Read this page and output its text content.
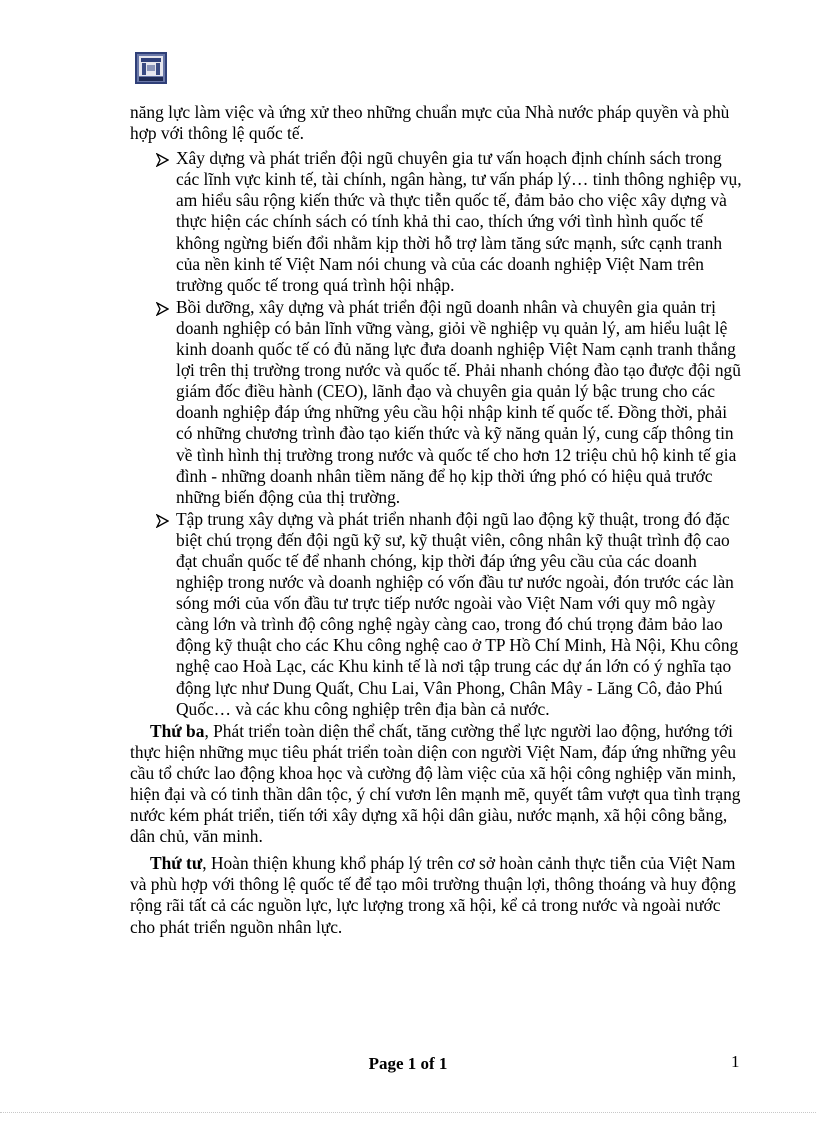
năng lực làm việc và ứng xử theo những chuẩn mực của Nhà nước pháp quyền và phù hợp với thông lệ quốc tế.

Xây dựng và phát triển đội ngũ chuyên gia tư vấn hoạch định chính sách trong các lĩnh vực kinh tế, tài chính, ngân hàng, tư vấn pháp lý… tinh thông nghiệp vụ, am hiểu sâu rộng kiến thức và thực tiễn quốc tế, đảm bảo cho việc xây dựng và thực hiện các chính sách có tính khả thi cao, thích ứng với tình hình quốc tế không ngừng biến đổi nhằm kịp thời hỗ trợ làm tăng sức mạnh, sức cạnh tranh của nền kinh tế Việt Nam nói chung và của các doanh nghiệp Việt Nam trên trường quốc tế trong quá trình hội nhập.
Bồi dưỡng, xây dựng và phát triển đội ngũ doanh nhân và chuyên gia quản trị doanh nghiệp có bản lĩnh vững vàng, giỏi về nghiệp vụ quản lý, am hiểu luật lệ kinh doanh quốc tế có đủ năng lực đưa doanh nghiệp Việt Nam cạnh tranh thắng lợi trên thị trường trong nước và quốc tế. Phải nhanh chóng đào tạo được đội ngũ giám đốc điều hành (CEO), lãnh đạo và chuyên gia quản lý bậc trung cho các doanh nghiệp đáp ứng những yêu cầu hội nhập kinh tế quốc tế. Đồng thời, phải có những chương trình đào tạo kiến thức và kỹ năng quản lý, cung cấp thông tin về tình hình thị trường trong nước và quốc tế cho hơn 12 triệu chủ hộ kinh tế gia đình - những doanh nhân tiềm năng để họ kịp thời ứng phó có hiệu quả trước những biến động của thị trường.
Tập trung xây dựng và phát triển nhanh đội ngũ lao động kỹ thuật, trong đó đặc biệt chú trọng đến đội ngũ kỹ sư, kỹ thuật viên, công nhân kỹ thuật trình độ cao đạt chuẩn quốc tế để nhanh chóng, kịp thời đáp ứng yêu cầu của các doanh nghiệp trong nước và doanh nghiệp có vốn đầu tư nước ngoài, đón trước các làn sóng mới của vốn đầu tư trực tiếp nước ngoài vào Việt Nam với quy mô ngày càng lớn và trình độ công nghệ ngày càng cao, trong đó chú trọng đảm bảo lao động kỹ thuật cho các Khu công nghệ cao ở TP Hồ Chí Minh, Hà Nội, Khu công nghệ cao Hoà Lạc, các Khu kinh tế là nơi tập trung các dự án lớn có ý nghĩa tạo động lực như Dung Quất, Chu Lai, Vân Phong, Chân Mây - Lăng Cô, đảo Phú Quốc… và các khu công nghiệp trên địa bàn cả nước.

Thứ ba, Phát triển toàn diện thể chất, tăng cường thể lực người lao động, hướng tới thực hiện những mục tiêu phát triển toàn diện con người Việt Nam, đáp ứng những yêu cầu tổ chức lao động khoa học và cường độ làm việc của xã hội công nghiệp văn minh, hiện đại và có tinh thần dân tộc, ý chí vươn lên mạnh mẽ, quyết tâm vượt qua tình trạng nước kém phát triển, tiến tới xây dựng xã hội dân giàu, nước mạnh, xã hội công bằng, dân chủ, văn minh.

Thứ tư, Hoàn thiện khung khổ pháp lý trên cơ sở hoàn cảnh thực tiễn của Việt Nam và phù hợp với thông lệ quốc tế để tạo môi trường thuận lợi, thông thoáng và huy động rộng rãi tất cả các nguồn lực, lực lượng trong xã hội, kể cả trong nước và ngoài nước cho phát triển nguồn nhân lực.

Page 1 of 1	1
